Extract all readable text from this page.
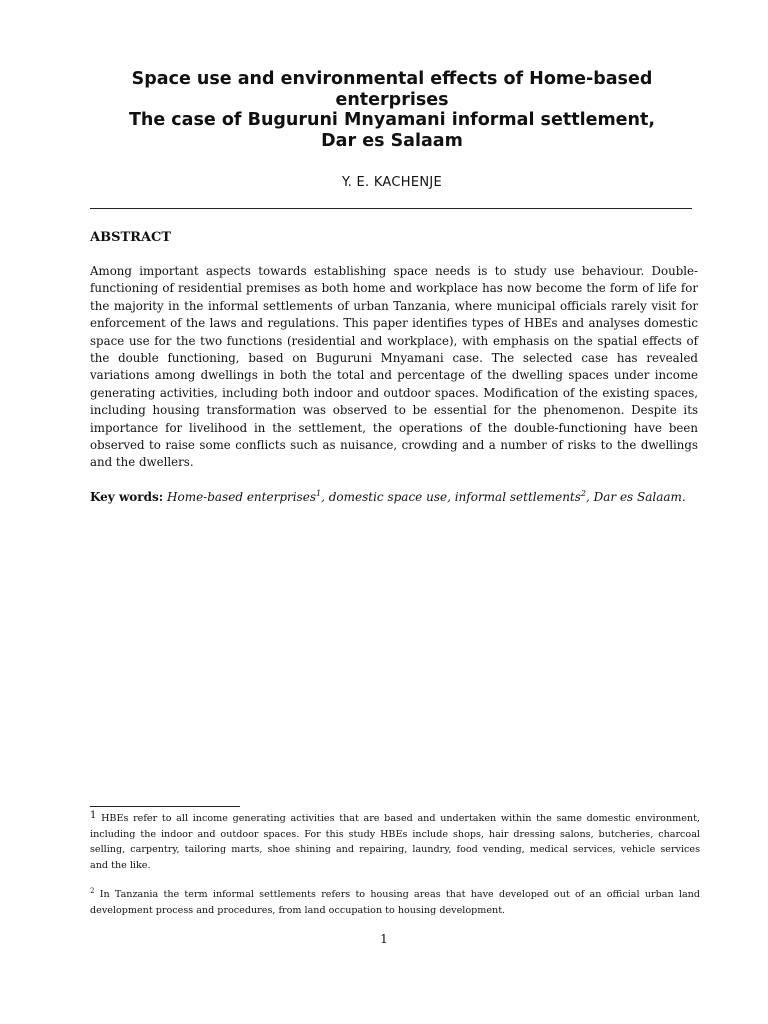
Space use and environmental effects of Home-based
enterprises
The case of Buguruni Mnyamani informal settlement,
Dar es Salaam
Y. E. KACHENJE
ABSTRACT
Among important aspects towards establishing space needs is to study use behaviour. Double-
functioning of residential premises as both home and workplace has now become the form of life for
the majority in the informal settlements of urban Tanzania, where municipal officials rarely visit for
enforcement of the laws and regulations. This paper identifies types of HBEs and analyses domestic
space use for the two functions (residential and workplace), with emphasis on the spatial effects of
the double functioning, based on Buguruni Mnyamani case. The selected case has revealed
variations among dwellings in both the total and percentage of the dwelling spaces under income
generating activities, including both indoor and outdoor spaces. Modification of the existing spaces,
including housing transformation was observed to be essential for the phenomenon. Despite its
importance for livelihood in the settlement, the operations of the double-functioning have been
observed to raise some conflicts such as nuisance, crowding and a number of risks to the dwellings
and the dwellers.
Key words: Home-based enterprises$^1$, domestic space use, informal settlements$^2$, Dar es Salaam.
$^1$ HBEs refer to all income generating activities that are based and undertaken within the same domestic environment,
including the indoor and outdoor spaces. For this study HBEs include shops, hair dressing salons, butcheries, charcoal
selling, carpentry, tailoring marts, shoe shining and repairing, laundry, food vending, medical services, vehicle services
and the like.
$^2$ In Tanzania the term informal settlements refers to housing areas that have developed out of an official urban land
development process and procedures, from land occupation to housing development.
1
